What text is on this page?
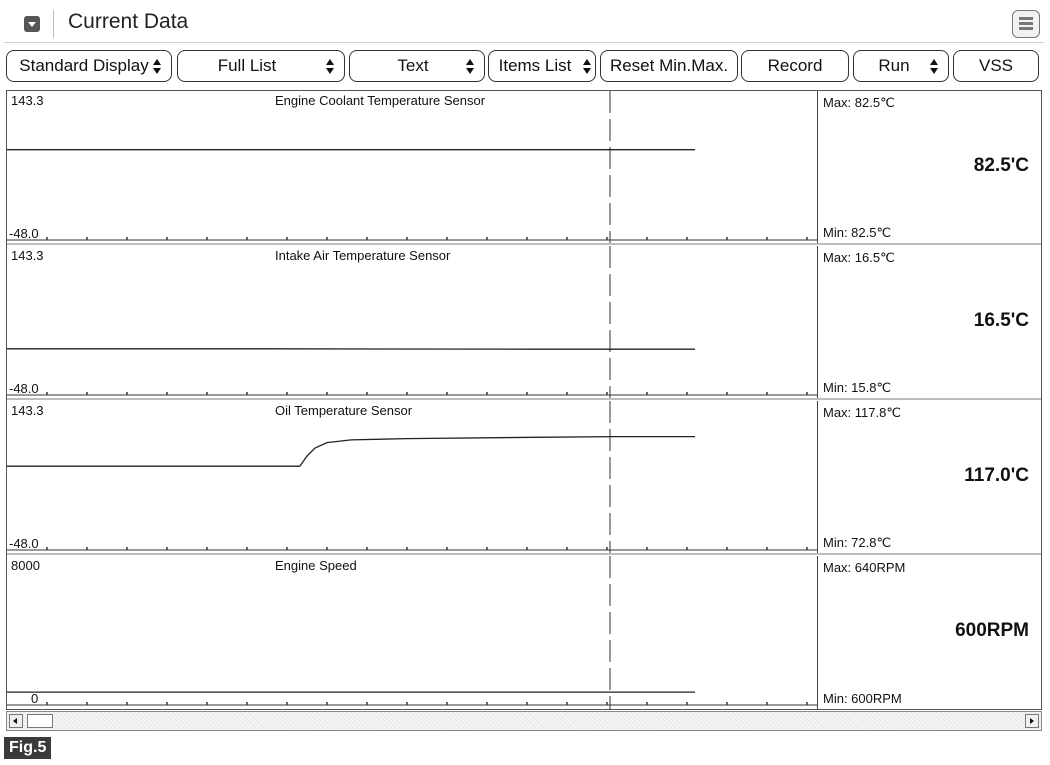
Current Data
Standard Display	Full List	Text	Items List Reset Min.Max. Record	Run	VSS
143.3
-48.0
Engine Coolant Temperature Sensor	Max: 82.5℃
Min: 82.5℃
82.5'C
143.3
-48.0
Intake Air Temperature Sensor	Max: 16.5℃
Min: 15.8℃
16.5'C
143.3
-48.0
Oil Temperature Sensor	Max: 117.8℃
Min: 72.8℃
117.0'C
8000
0
Engine Speed	Max: 640RPM
Min: 600RPM
600RPM
Fig.5
